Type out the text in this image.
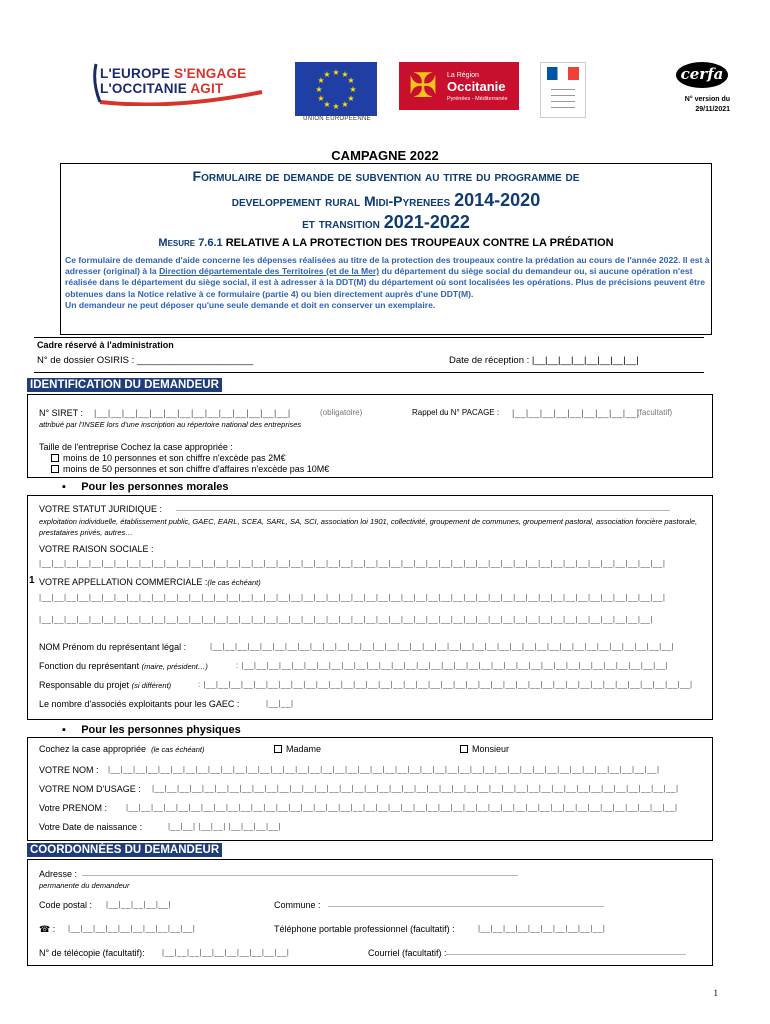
L'EUROPE S'ENGAGE
L'OCCITANIE AGIT
★ ★
★
★
★
★
★
★
★
★
★
★
UNION EUROPÉENNE
✠	La Région
Occitanie
Pyrénées - Méditerranée
cerfa
N° version du
29/11/2021
CAMPAGNE 2022
Formulaire de demande de subvention au titre du programme de
developpement rural Midi-Pyrenees 2014-2020
et transition 2021-2022
Mesure 7.6.1 RELATIVE A LA PROTECTION DES TROUPEAUX CONTRE LA PRÉDATION
Ce formulaire de demande d'aide concerne les dépenses réalisées au titre de la protection des troupeaux contre la prédation au cours de l'année 2022. Il est à adresser (original) à la Direction départementale des Territoires (et de la Mer) du département du siège social du demandeur ou, si aucune opération n'est réalisée dans le département du siège social, il est à adresser à la DDT(M) du département où sont localisées les opérations. Plus de précisions peuvent être obtenues dans la Notice relative à ce formulaire (partie 4) ou bien directement auprès d'une DDT(M).
Un demandeur ne peut déposer qu'une seule demande et doit en conserver un exemplaire.
Cadre réservé à l'administration
N° de dossier OSIRIS : ______________________	Date de réception : |__|__|__|__|__|__|__|__|
IDENTIFICATION DU DEMANDEUR
N° SIRET : |__|__|__|__|__|__|__|__|__|__|__|__|__|__|	(obligatoire)
attribué par l'INSEE lors d'une inscription au répertoire national des entreprises
Rappel du N° PACAGE : |__|__|__|__|__|__|__|__|__|
(facultatif)
Taille de l'entreprise Cochez la case appropriée :
moins de 10 personnes et son chiffre n'excède pas 2M€
moins de 50 personnes et son chiffre d'affaires n'excède pas 10M€
▪     Pour les personnes morales
VOTRE STATUT JURIDIQUE : _______________________________________________________________________________________________________________
exploitation individuelle, établissement public, GAEC, EARL, SCEA, SARL, SA, SCI, association loi 1901, collectivité, groupement de communes, groupement pastoral, association foncière pastorale, prestataires privés, autres…
VOTRE RAISON SOCIALE :
|__|__|__|__|__|__|__|__|__|__|__|__|__|__|__|__|__|__|__|__|__|__|__|__|__|__|__|__|__|__|__|__|__|__|__|__|__|__|__|__|__|__|__|__|__|__|__|__|__|__|
1 VOTRE APPELLATION COMMERCIALE :(le cas échéant)
|__|__|__|__|__|__|__|__|__|__|__|__|__|__|__|__|__|__|__|__|__|__|__|__|__|__|__|__|__|__|__|__|__|__|__|__|__|__|__|__|__|__|__|__|__|__|__|__|__|__|
|__|__|__|__|__|__|__|__|__|__|__|__|__|__|__|__|__|__|__|__|__|__|__|__|__|__|__|__|__|__|__|__|__|__|__|__|__|__|__|__|__|__|__|__|__|__|__|__|__|
NOM Prénom du représentant légal :	|__|__|__|__|__|__|__|__|__|__|__|__|__|__|__|__|__|__|__|__|__|__|__|__|__|__|__|__|__|__|__|__|__|__|__|__|__|
Fonction du représentant (maire, président…)	: |__|__|__|__|__|__|__|__|__|__|__|__|__|__|__|__|__|__|__|__|__|__|__|__|__|__|__|__|__|__|__|__|__|__|
Responsable du projet (si différent)	: |__|__|__|__|__|__|__|__|__|__|__|__|__|__|__|__|__|__|__|__|__|__|__|__|__|__|__|__|__|__|__|__|__|__|__|__|__|__|__|
Le nombre d'associés exploitants pour les GAEC :	|__|__|
▪     Pour les personnes physiques
Cochez la case appropriée (le cas échéant)	Madame	Monsieur
VOTRE NOM : |__|__|__|__|__|__|__|__|__|__|__|__|__|__|__|__|__|__|__|__|__|__|__|__|__|__|__|__|__|__|__|__|__|__|__|__|__|__|__|__|__|__|__|__|
VOTRE NOM D'USAGE : |__|__|__|__|__|__|__|__|__|__|__|__|__|__|__|__|__|__|__|__|__|__|__|__|__|__|__|__|__|__|__|__|__|__|__|__|__|__|__|__|__|__|
Votre PRENOM : |__|__|__|__|__|__|__|__|__|__|__|__|__|__|__|__|__|__|__|__|__|__|__|__|__|__|__|__|__|__|__|__|__|__|__|__|__|__|__|__|__|__|__|__|
Votre Date de naissance :	|__|__| |__|__| |__|__|__|__|
COORDONNÉES DU DEMANDEUR
Adresse : __________________________________________________________________________________________________
permanente du demandeur
Code postal : |__|__|__|__|__|	Commune : ______________________________________________________________
☎ : |__|__|__|__|__|__|__|__|__|__|	Téléphone portable professionnel (facultatif) :	|__|__|__|__|__|__|__|__|__|__|
N° de télécopie (facultatif): |__|__|__|__|__|__|__|__|__|__|	Courriel (facultatif) : ______________________________________________________
1
